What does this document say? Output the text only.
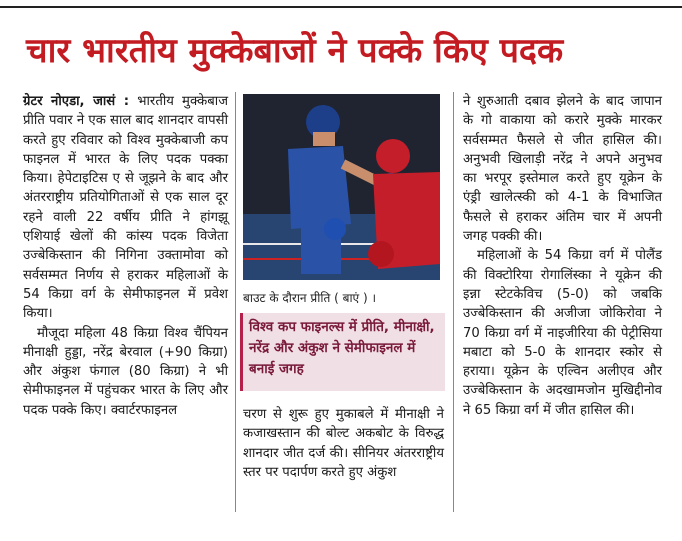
चार भारतीय मुक्केबाजों ने पक्के किए पदक

ग्रेटर नोएडा, जासं : भारतीय मुक्केबाज प्रीति पवार ने एक साल बाद शानदार वापसी करते हुए रविवार को विश्व मुक्केबाजी कप फाइनल में भारत के लिए पदक पक्का किया। हेपेटाइटिस ए से जूझने के बाद और अंतरराष्ट्रीय प्रतियोगिताओं से एक साल दूर रहने वाली 22 वर्षीय प्रीति ने हांगझू एशियाई खेलों की कांस्य पदक विजेता उज्बेकिस्तान की निगिना उक्तामोवा को सर्वसम्मत निर्णय से हराकर महिलाओं के 54 किग्रा वर्ग के सेमीफाइनल में प्रवेश किया।

मौजूदा महिला 48 किग्रा विश्व चैंपियन मीनाक्षी हुड्डा, नरेंद्र बेरवाल (+90 किग्रा) और अंकुश फंगाल (80 किग्रा) ने भी सेमीफाइनल में पहुंचकर भारत के लिए और पदक पक्के किए। क्वार्टरफाइनल

बाउट के दौरान प्रीति ( बाएं ) ।
विश्व कप फाइनल्स में प्रीति, मीनाक्षी, नरेंद्र और अंकुश ने सेमीफाइनल में बनाई जगह

चरण से शुरू हुए मुकाबले में मीनाक्षी ने कजाखस्तान की बोल्ट अकबोट के विरुद्ध शानदार जीत दर्ज की। सीनियर अंतरराष्ट्रीय स्तर पर पदार्पण करते हुए अंकुश

ने शुरुआती दबाव झेलने के बाद जापान के गो वाकाया को करारे मुक्के मारकर सर्वसम्मत फैसले से जीत हासिल की। अनुभवी खिलाड़ी नरेंद्र ने अपने अनुभव का भरपूर इस्तेमाल करते हुए यूक्रेन के एंड्री खालेत्स्की को 4-1 के विभाजित फैसले से हराकर अंतिम चार में अपनी जगह पक्की की।

महिलाओं के 54 किग्रा वर्ग में पोलैंड की विक्टोरिया रोगालिंस्का ने यूक्रेन की इन्ना स्टेटकेविच (5-0) को जबकि उज्बेकिस्तान की अजीजा जोकिरोवा ने 70 किग्रा वर्ग में नाइजीरिया की पेट्रीसिया मबाटा को 5-0 के शानदार स्कोर से हराया। यूक्रेन के एल्विन अलीएव और उज्बेकिस्तान के अदखामजोन मुखिद्दीनोव ने 65 किग्रा वर्ग में जीत हासिल की।
